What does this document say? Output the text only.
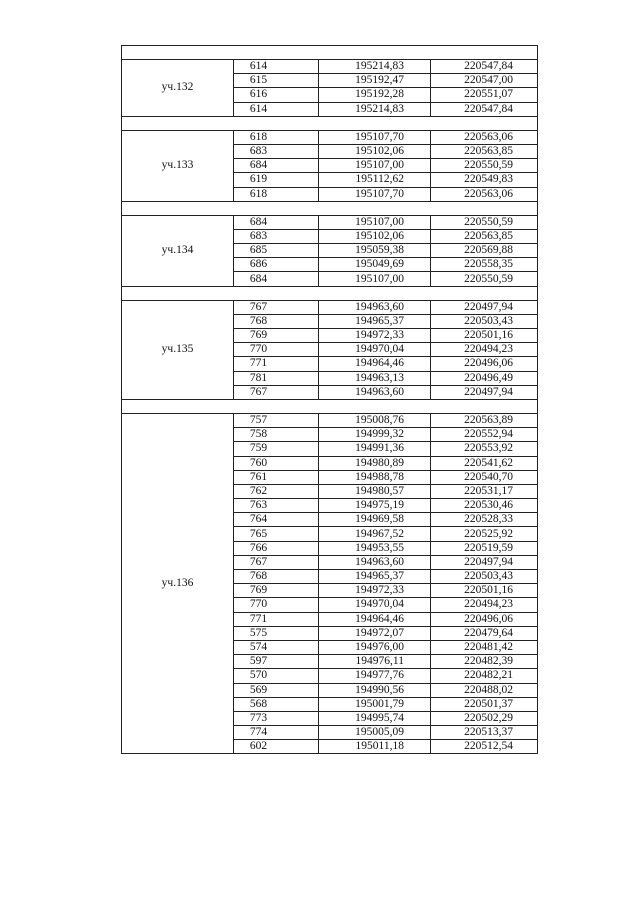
уч.132	614	195214,83	220547,84
	615	195192,47	220547,00
	616	195192,28	220551,07
	614	195214,83	220547,84

уч.133	618	195107,70	220563,06
	683	195102,06	220563,85
	684	195107,00	220550,59
	619	195112,62	220549,83
	618	195107,70	220563,06

уч.134	684	195107,00	220550,59
	683	195102,06	220563,85
	685	195059,38	220569,88
	686	195049,69	220558,35
	684	195107,00	220550,59

уч.135	767	194963,60	220497,94
	768	194965,37	220503,43
	769	194972,33	220501,16
	770	194970,04	220494,23
	771	194964,46	220496,06
	781	194963,13	220496,49
	767	194963,60	220497,94

уч.136	757	195008,76	220563,89
	758	194999,32	220552,94
	759	194991,36	220553,92
	760	194980,89	220541,62
	761	194988,78	220540,70
	762	194980,57	220531,17
	763	194975,19	220530,46
	764	194969,58	220528,33
	765	194967,52	220525,92
	766	194953,55	220519,59
	767	194963,60	220497,94
	768	194965,37	220503,43
	769	194972,33	220501,16
	770	194970,04	220494,23
	771	194964,46	220496,06
	575	194972,07	220479,64
	574	194976,00	220481,42
	597	194976,11	220482,39
	570	194977,76	220482,21
	569	194990,56	220488,02
	568	195001,79	220501,37
	773	194995,74	220502,29
	774	195005,09	220513,37
	602	195011,18	220512,54
